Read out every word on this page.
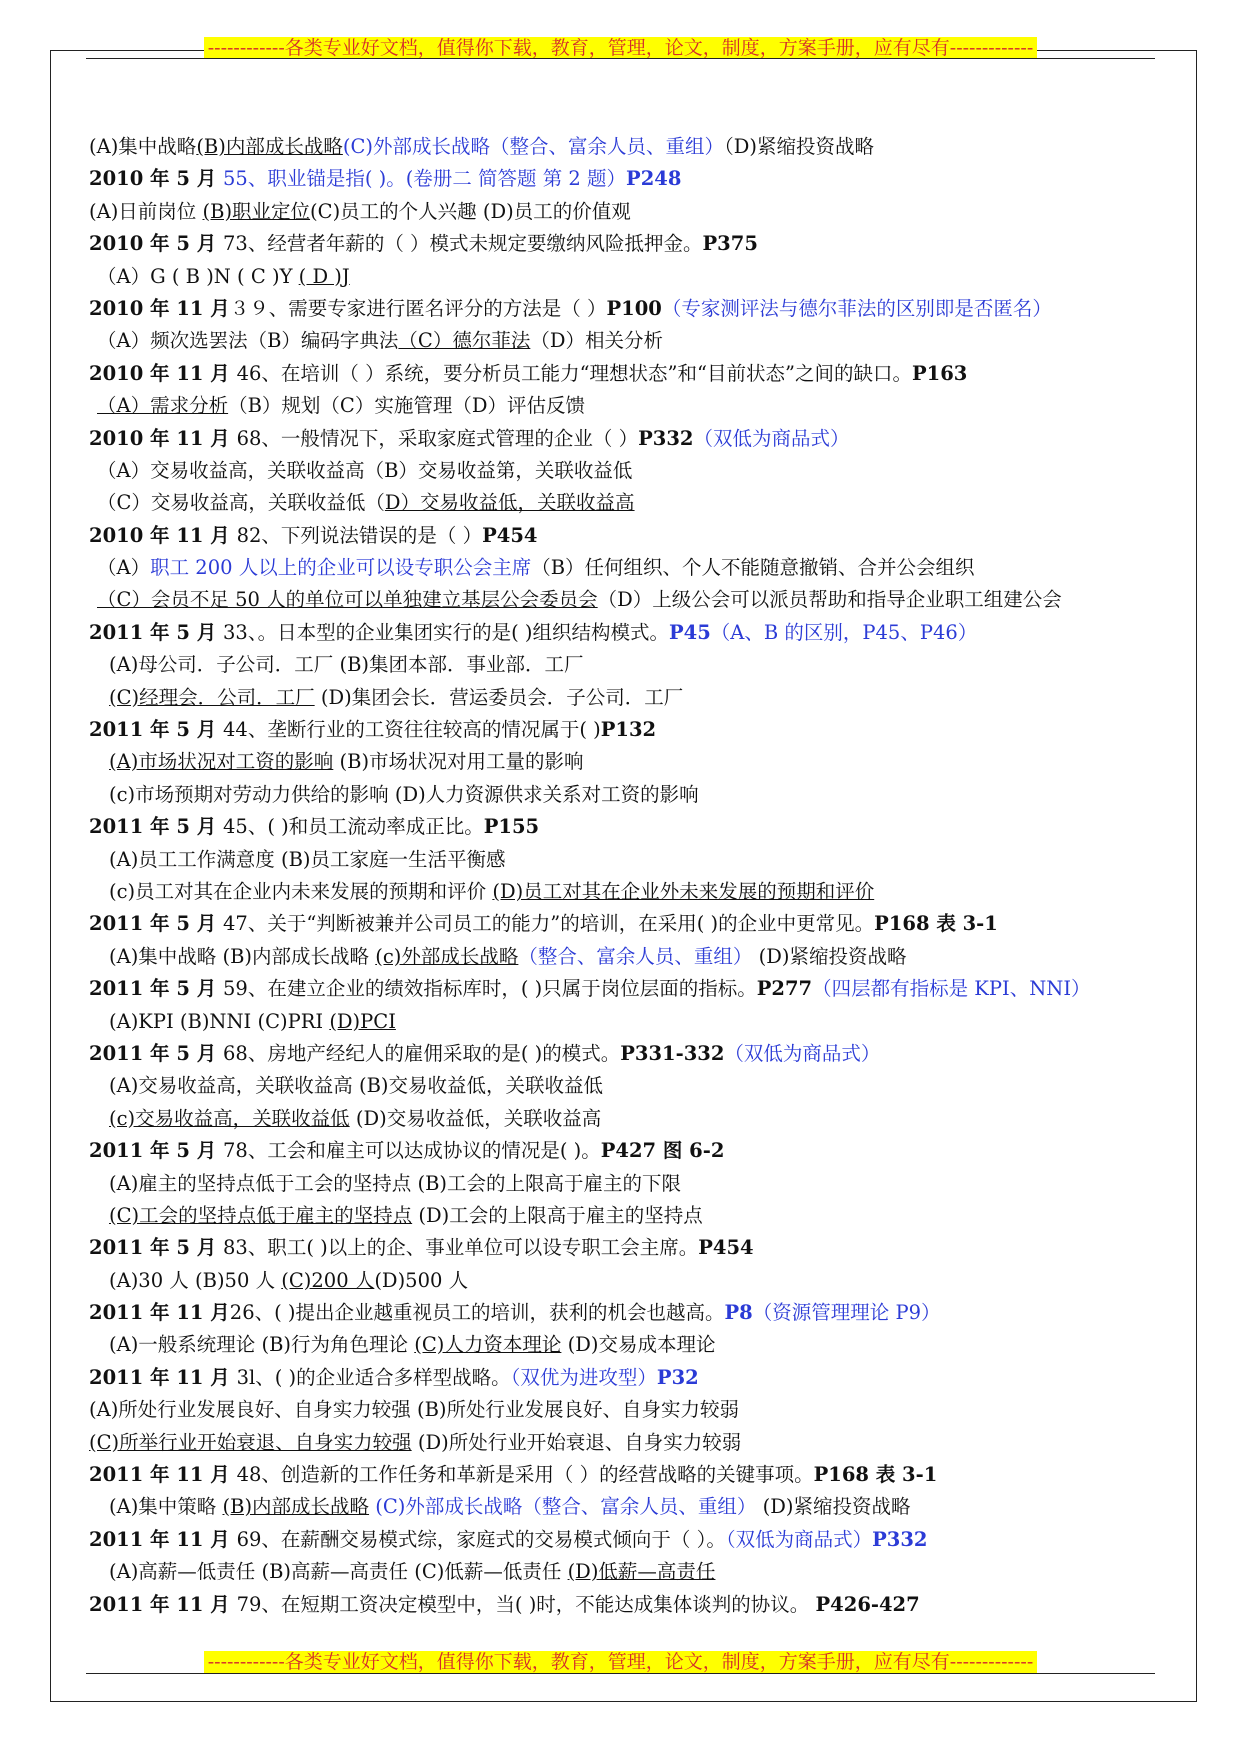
------------各类专业好文档，值得你下载，教育，管理，论文，制度，方案手册，应有尽有-------------
(A)集中战略(B)内部成长战略(C)外部成长战略（整合、富余人员、重组）（D)紧缩投资战略
2010 年 5 月 55、职业锚是指( )。(卷册二 简答题 第 2 题）P248
(A)日前岗位 (B)职业定位(C)员工的个人兴趣 (D)员工的价值观
2010 年 5 月 73、经营者年薪的（ ）模式未规定要缴纳风险抵押金。P375
（A）G ( B )N ( C )Y ( D )J
2010 年 11 月３９、需要专家进行匿名评分的方法是（ ）P100（专家测评法与德尔菲法的区别即是否匿名）
（A）频次选罢法（B）编码字典法（C）德尔菲法（D）相关分析
2010 年 11 月 46、在培训（ ）系统，要分析员工能力“理想状态”和“目前状态”之间的缺口。P163
（A）需求分析（B）规划（C）实施管理（D）评估反馈
2010 年 11 月 68、一般情况下，采取家庭式管理的企业（ ）P332（双低为商品式）
（A）交易收益高，关联收益高（B）交易收益第，关联收益低
（C）交易收益高，关联收益低（D）交易收益低，关联收益高
2010 年 11 月 82、下列说法错误的是（ ）P454
（A）职工 200 人以上的企业可以设专职公会主席（B）任何组织、个人不能随意撤销、合并公会组织
（C）会员不足 50 人的单位可以单独建立基层公会委员会（D）上级公会可以派员帮助和指导企业职工组建公会
2011 年 5 月 33、。日本型的企业集团实行的是( )组织结构模式。P45（A、B 的区别，P45、P46）
(A)母公司．子公司．工厂 (B)集团本部．事业部．工厂
(C)经理会．公司．工厂 (D)集团会长．营运委员会．子公司．工厂
2011 年 5 月 44、垄断行业的工资往往较高的情况属于( )P132
(A)市场状况对工资的影响 (B)市场状况对用工量的影响
(c)市场预期对劳动力供给的影响 (D)人力资源供求关系对工资的影响
2011 年 5 月 45、( )和员工流动率成正比。P155
(A)员工工作满意度 (B)员工家庭一生活平衡感
(c)员工对其在企业内未来发展的预期和评价 (D)员工对其在企业外未来发展的预期和评价
2011 年 5 月 47、关于“判断被兼并公司员工的能力”的培训，在采用( )的企业中更常见。P168 表 3-1
(A)集中战略 (B)内部成长战略 (c)外部成长战略（整合、富余人员、重组） (D)紧缩投资战略
2011 年 5 月 59、在建立企业的绩效指标库时，( )只属于岗位层面的指标。P277（四层都有指标是 KPI、NNI）
(A)KPI (B)NNI (C)PRI (D)PCI
2011 年 5 月 68、房地产经纪人的雇佣采取的是( )的模式。P331-332（双低为商品式）
(A)交易收益高，关联收益高 (B)交易收益低，关联收益低
(c)交易收益高，关联收益低 (D)交易收益低，关联收益高
2011 年 5 月 78、工会和雇主可以达成协议的情况是( )。P427 图 6-2
(A)雇主的坚持点低于工会的坚持点 (B)工会的上限高于雇主的下限
(C)工会的坚持点低于雇主的坚持点 (D)工会的上限高于雇主的坚持点
2011 年 5 月 83、职工( )以上的企、事业单位可以设专职工会主席。P454
(A)30 人 (B)50 人 (C)200 人(D)500 人
2011 年 11 月26、( )提出企业越重视员工的培训，获利的机会也越高。P8（资源管理理论 P9）
(A)一般系统理论 (B)行为角色理论 (C)人力资本理论 (D)交易成本理论
2011 年 11 月 3l、( )的企业适合多样型战略。（双优为进攻型）P32
(A)所处行业发展良好、自身实力较强 (B)所处行业发展良好、自身实力较弱
(C)所举行业开始衰退、自身实力较强 (D)所处行业开始衰退、自身实力较弱
2011 年 11 月 48、创造新的工作任务和革新是采用（ ）的经营战略的关键事项。P168 表 3-1
(A)集中策略 (B)内部成长战略 (C)外部成长战略（整合、富余人员、重组） (D)紧缩投资战略
2011 年 11 月 69、在薪酬交易模式综，家庭式的交易模式倾向于（ ）。（双低为商品式）P332
(A)高薪—低责任 (B)高薪—高责任 (C)低薪—低责任 (D)低薪—高责任
2011 年 11 月 79、在短期工资决定模型中，当( )时，不能达成集体谈判的协议。 P426-427
------------各类专业好文档，值得你下载，教育，管理，论文，制度，方案手册，应有尽有-------------
